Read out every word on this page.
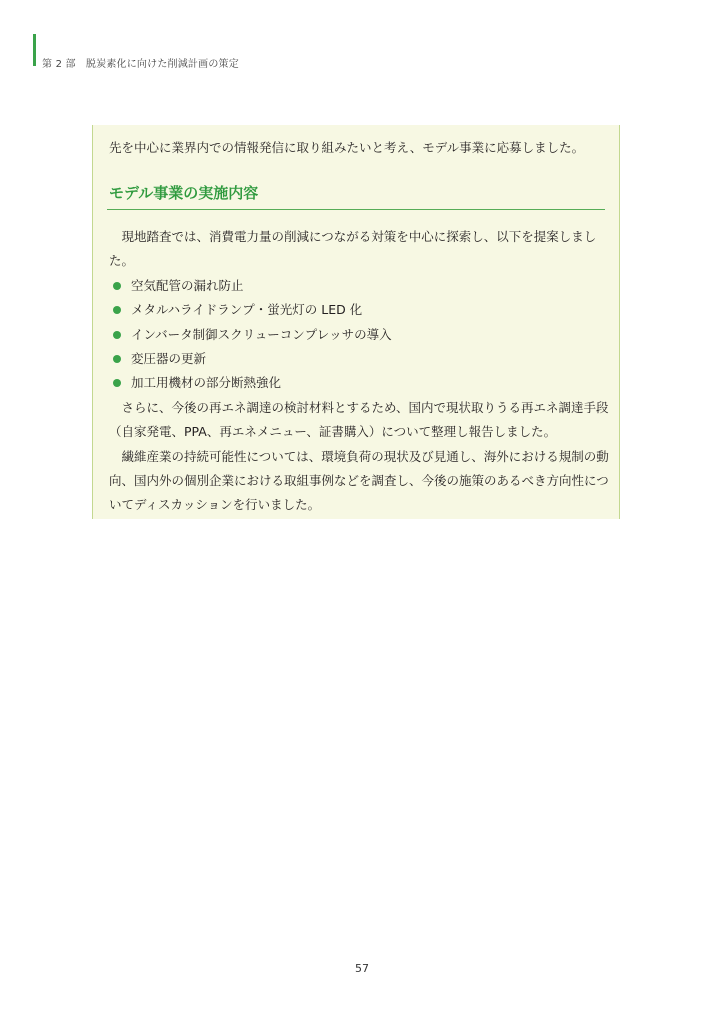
第 2 部　脱炭素化に向けた削減計画の策定
先を中心に業界内での情報発信に取り組みたいと考え、モデル事業に応募しました。
モデル事業の実施内容

現地踏査では、消費電力量の削減につながる対策を中心に探索し、以下を提案しました。

空気配管の漏れ防止
メタルハライドランプ・蛍光灯の LED 化
インバータ制御スクリューコンプレッサの導入
変圧器の更新
加工用機材の部分断熱強化

さらに、今後の再エネ調達の検討材料とするため、国内で現状取りうる再エネ調達手段（自家発電、PPA、再エネメニュー、証書購入）について整理し報告しました。

繊維産業の持続可能性については、環境負荷の現状及び見通し、海外における規制の動向、国内外の個別企業における取組事例などを調査し、今後の施策のあるべき方向性についてディスカッションを行いました。

57
